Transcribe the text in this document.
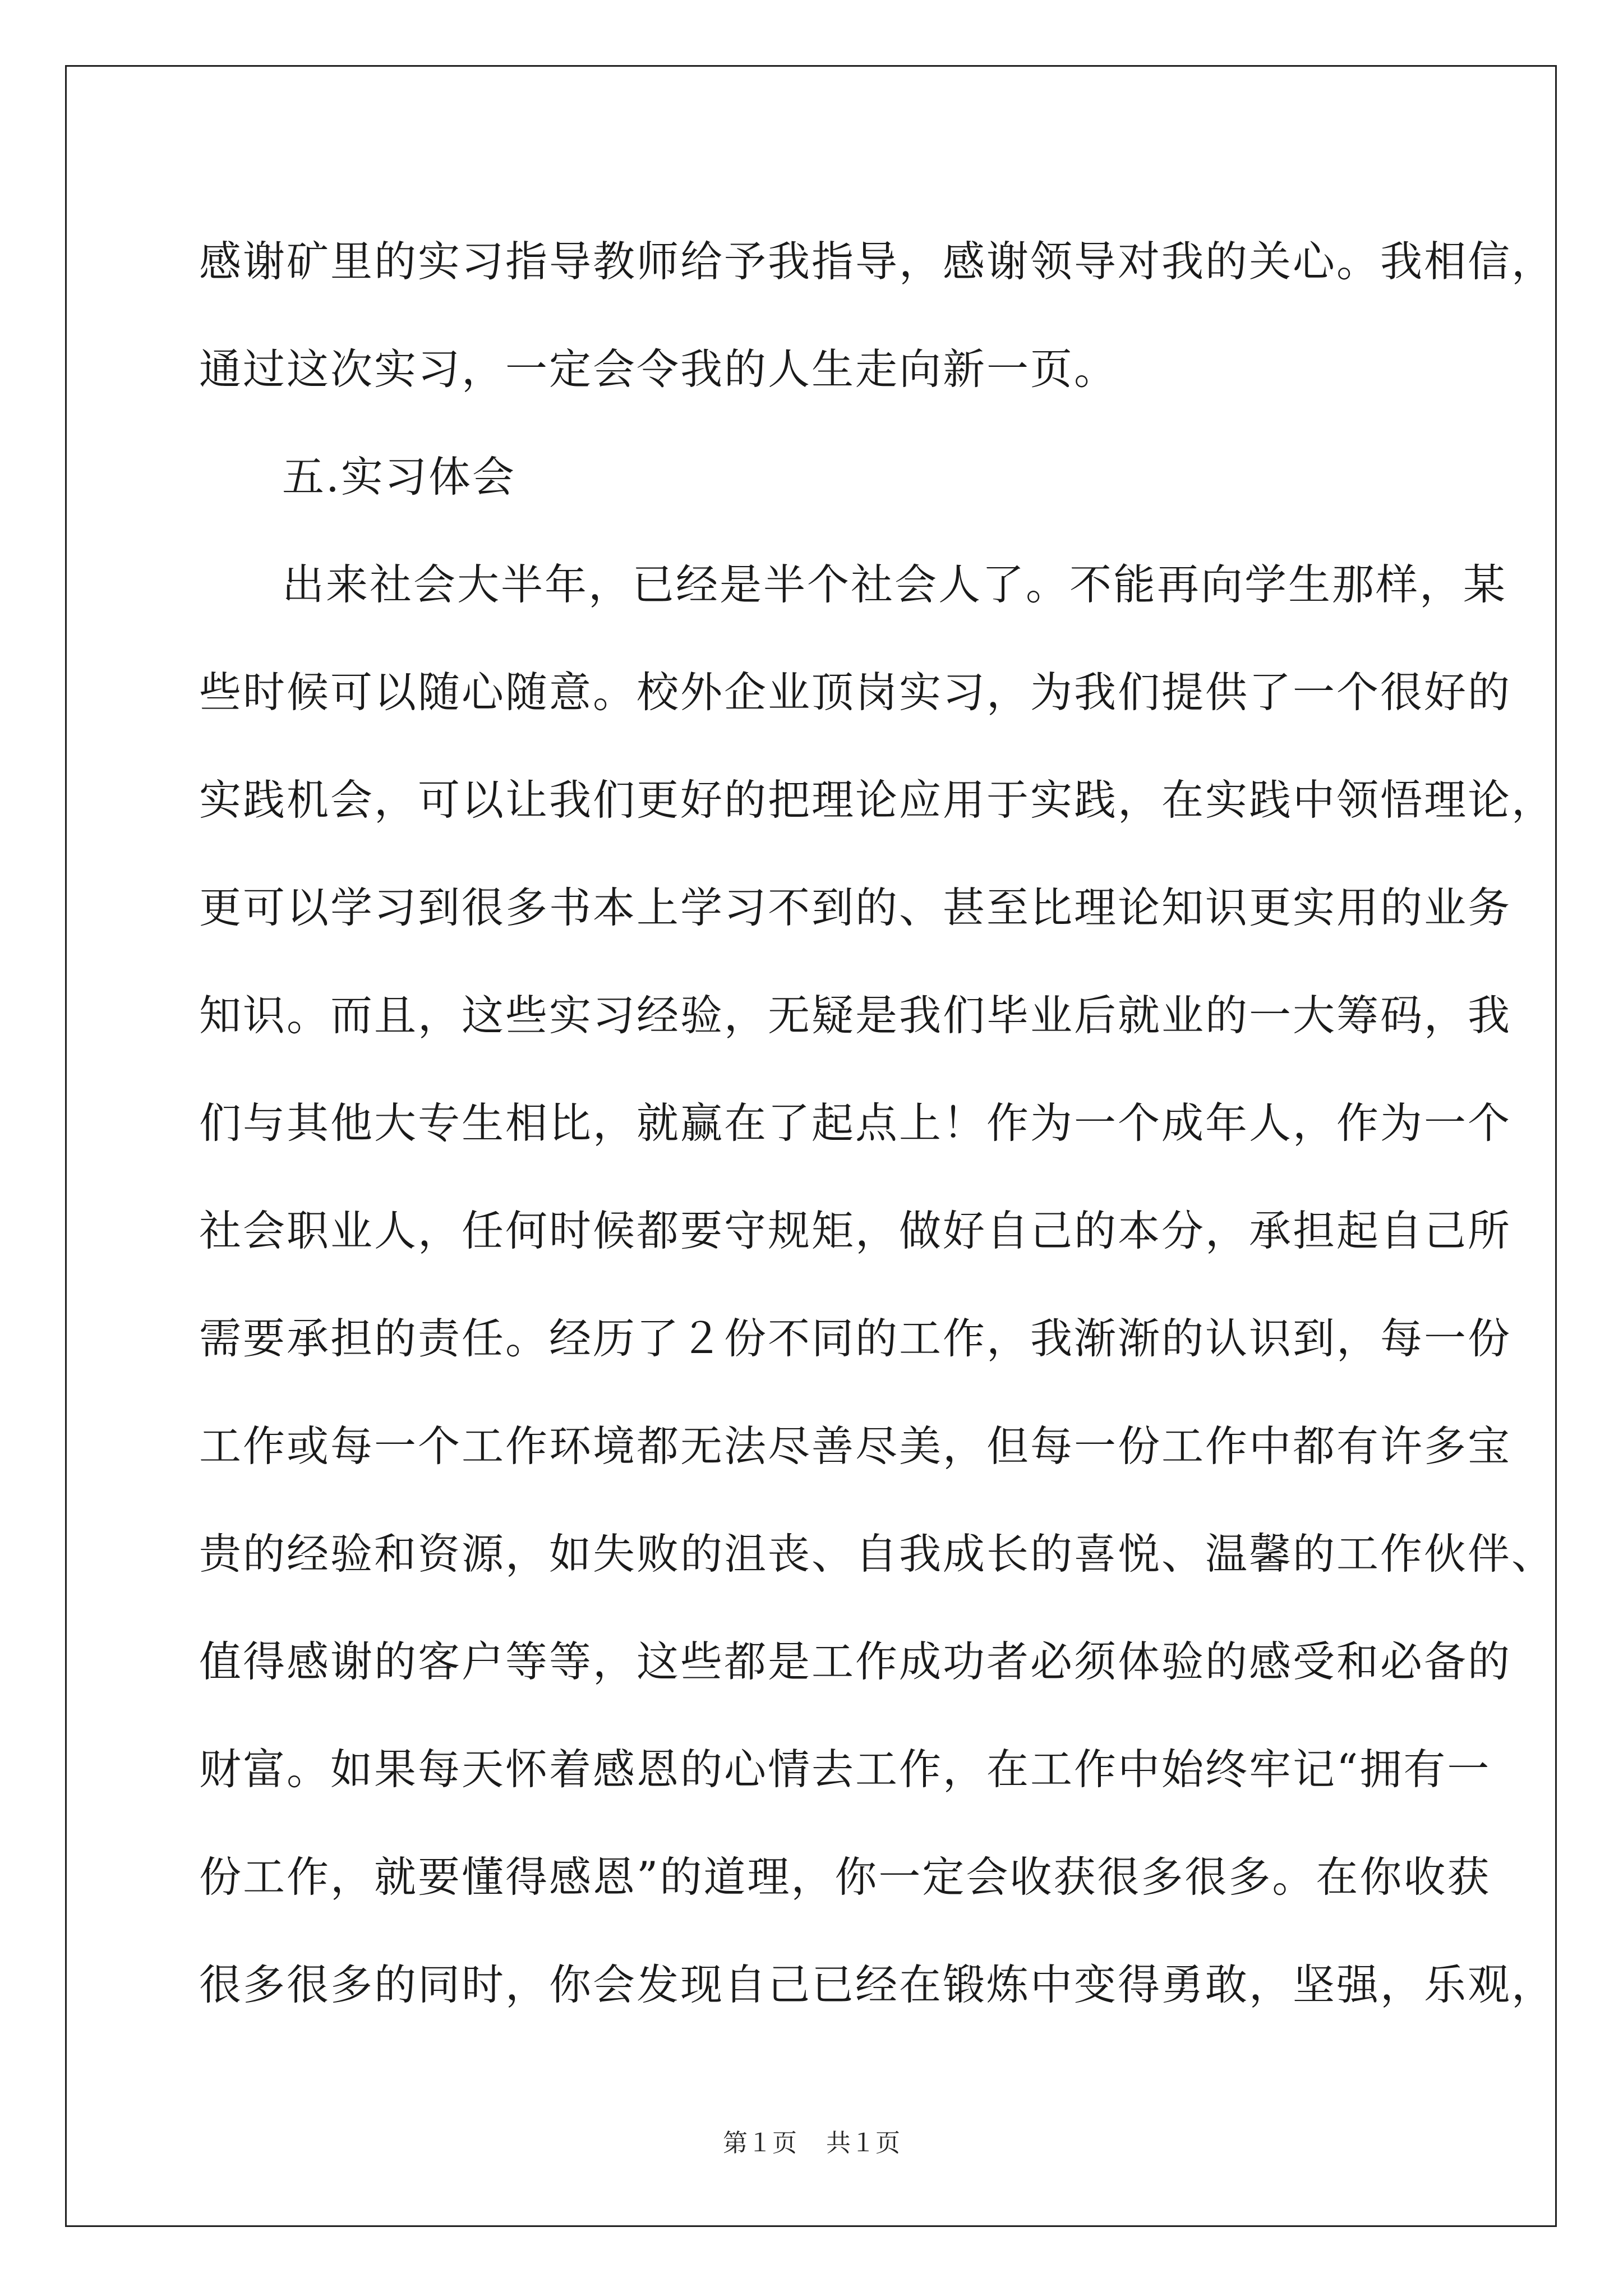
感谢矿里的实习指导教师给予我指导，感谢领导对我的关心。我相信，
通过这次实习，一定会令我的人生走向新一页。
五.实习体会
出来社会大半年，已经是半个社会人了。不能再向学生那样，某
些时候可以随心随意。校外企业顶岗实习，为我们提供了一个很好的
实践机会，可以让我们更好的把理论应用于实践，在实践中领悟理论，
更可以学习到很多书本上学习不到的、甚至比理论知识更实用的业务
知识。而且，这些实习经验，无疑是我们毕业后就业的一大筹码，我
们与其他大专生相比，就赢在了起点上！作为一个成年人，作为一个
社会职业人，任何时候都要守规矩，做好自己的本分，承担起自己所
需要承担的责任。经历了２份不同的工作，我渐渐的认识到，每一份
工作或每一个工作环境都无法尽善尽美，但每一份工作中都有许多宝
贵的经验和资源，如失败的沮丧、自我成长的喜悦、温馨的工作伙伴、
值得感谢的客户等等，这些都是工作成功者必须体验的感受和必备的
财富。如果每天怀着感恩的心情去工作，在工作中始终牢记“拥有一
份工作，就要懂得感恩”的道理，你一定会收获很多很多。在你收获
很多很多的同时，你会发现自己已经在锻炼中变得勇敢，坚强，乐观，
第１页 共１页
